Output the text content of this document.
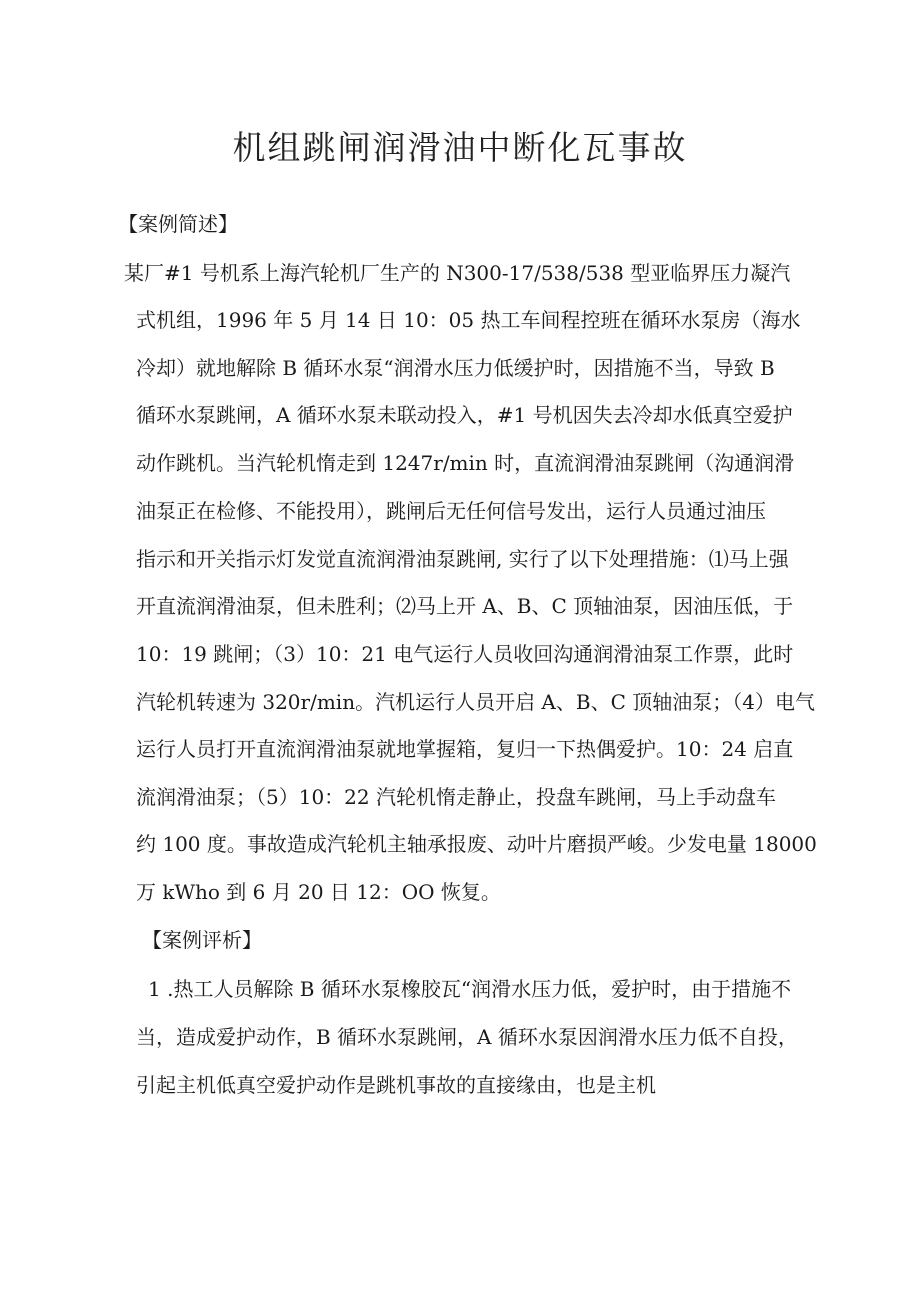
机组跳闸润滑油中断化瓦事故
【案例简述】
某厂#1 号机系上海汽轮机厂生产的 N300-17/538/538 型亚临界压力凝汽
式机组，1996 年 5 月 14 日 10：05 热工车间程控班在循环水泵房（海水
冷却）就地解除 B 循环水泵“润滑水压力低缓护时，因措施不当，导致 B
循环水泵跳闸，A 循环水泵未联动投入，#1 号机因失去冷却水低真空爱护
动作跳机。当汽轮机惰走到 1247r/min 时，直流润滑油泵跳闸（沟通润滑
油泵正在检修、不能投用），跳闸后无任何信号发出，运行人员通过油压
指示和开关指示灯发觉直流润滑油泵跳闸, 实行了以下处理措施：⑴马上强
开直流润滑油泵，但未胜利；⑵马上开 A、B、C 顶轴油泵，因油压低，于
10：19 跳闸；（3）10：21 电气运行人员收回沟通润滑油泵工作票，此时
汽轮机转速为 320r/min。汽机运行人员开启 A、B、C 顶轴油泵；（4）电气
运行人员打开直流润滑油泵就地掌握箱，复归一下热偶爱护。10：24 启直
流润滑油泵；（5）10：22 汽轮机惰走静止，投盘车跳闸，马上手动盘车
约 100 度。事故造成汽轮机主轴承报废、动叶片磨损严峻。少发电量 18000
万 kWho 到 6 月 20 日 12：OO 恢复。
【案例评析】
1 .热工人员解除 B 循环水泵橡胶瓦“润滑水压力低，爱护时，由于措施不
当，造成爱护动作，B 循环水泵跳闸，A 循环水泵因润滑水压力低不自投，
引起主机低真空爱护动作是跳机事故的直接缘由，也是主机
